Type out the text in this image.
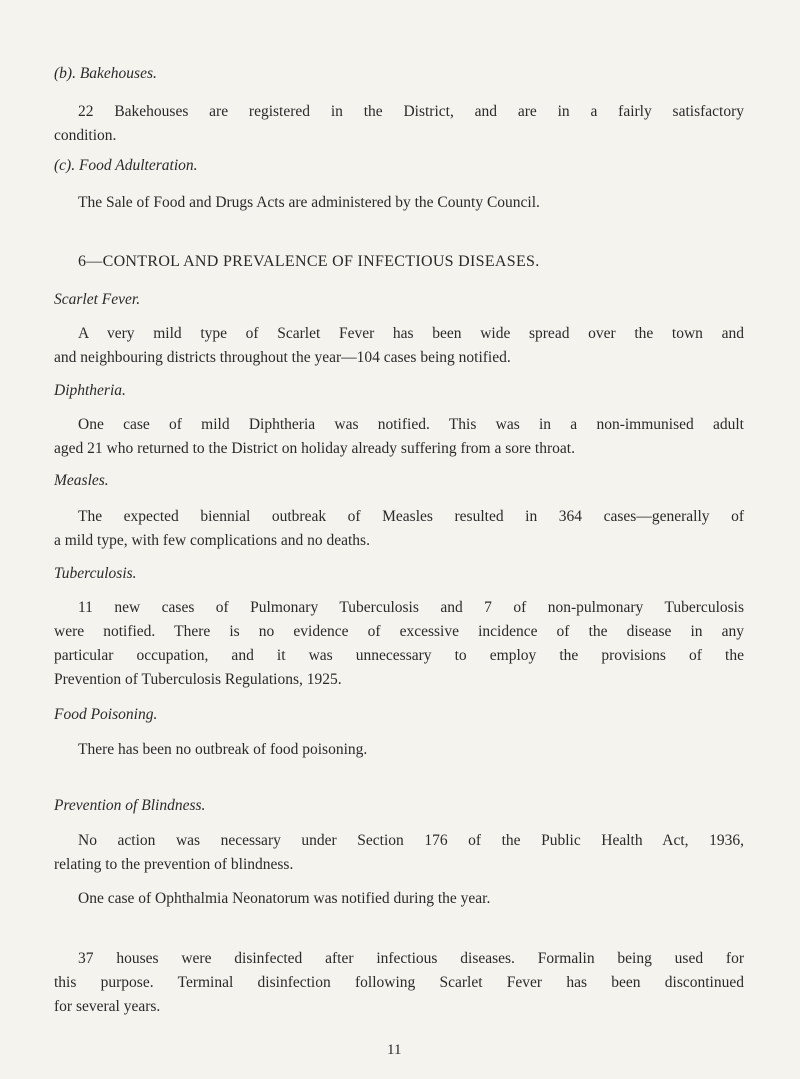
(b). Bakehouses.
22 Bakehouses are registered in the District, and are in a fairly satisfactory
condition.
(c). Food Adulteration.
The Sale of Food and Drugs Acts are administered by the County Council.
6—CONTROL AND PREVALENCE OF INFECTIOUS DISEASES.
Scarlet Fever.
A very mild type of Scarlet Fever has been wide spread over the town and
and neighbouring districts throughout the year—104 cases being notified.
Diphtheria.
One case of mild Diphtheria was notified. This was in a non-immunised adult
aged 21 who returned to the District on holiday already suffering from a sore throat.
Measles.
The expected biennial outbreak of Measles resulted in 364 cases—generally of
a mild type, with few complications and no deaths.
Tuberculosis.
11 new cases of Pulmonary Tuberculosis and 7 of non-pulmonary Tuberculosis
were notified. There is no evidence of excessive incidence of the disease in any
particular occupation, and it was unnecessary to employ the provisions of the
Prevention of Tuberculosis Regulations, 1925.
Food Poisoning.
There has been no outbreak of food poisoning.
Prevention of Blindness.
No action was necessary under Section 176 of the Public Health Act, 1936,
relating to the prevention of blindness.
One case of Ophthalmia Neonatorum was notified during the year.
37 houses were disinfected after infectious diseases. Formalin being used for
this purpose. Terminal disinfection following Scarlet Fever has been discontinued
for several years.
11
